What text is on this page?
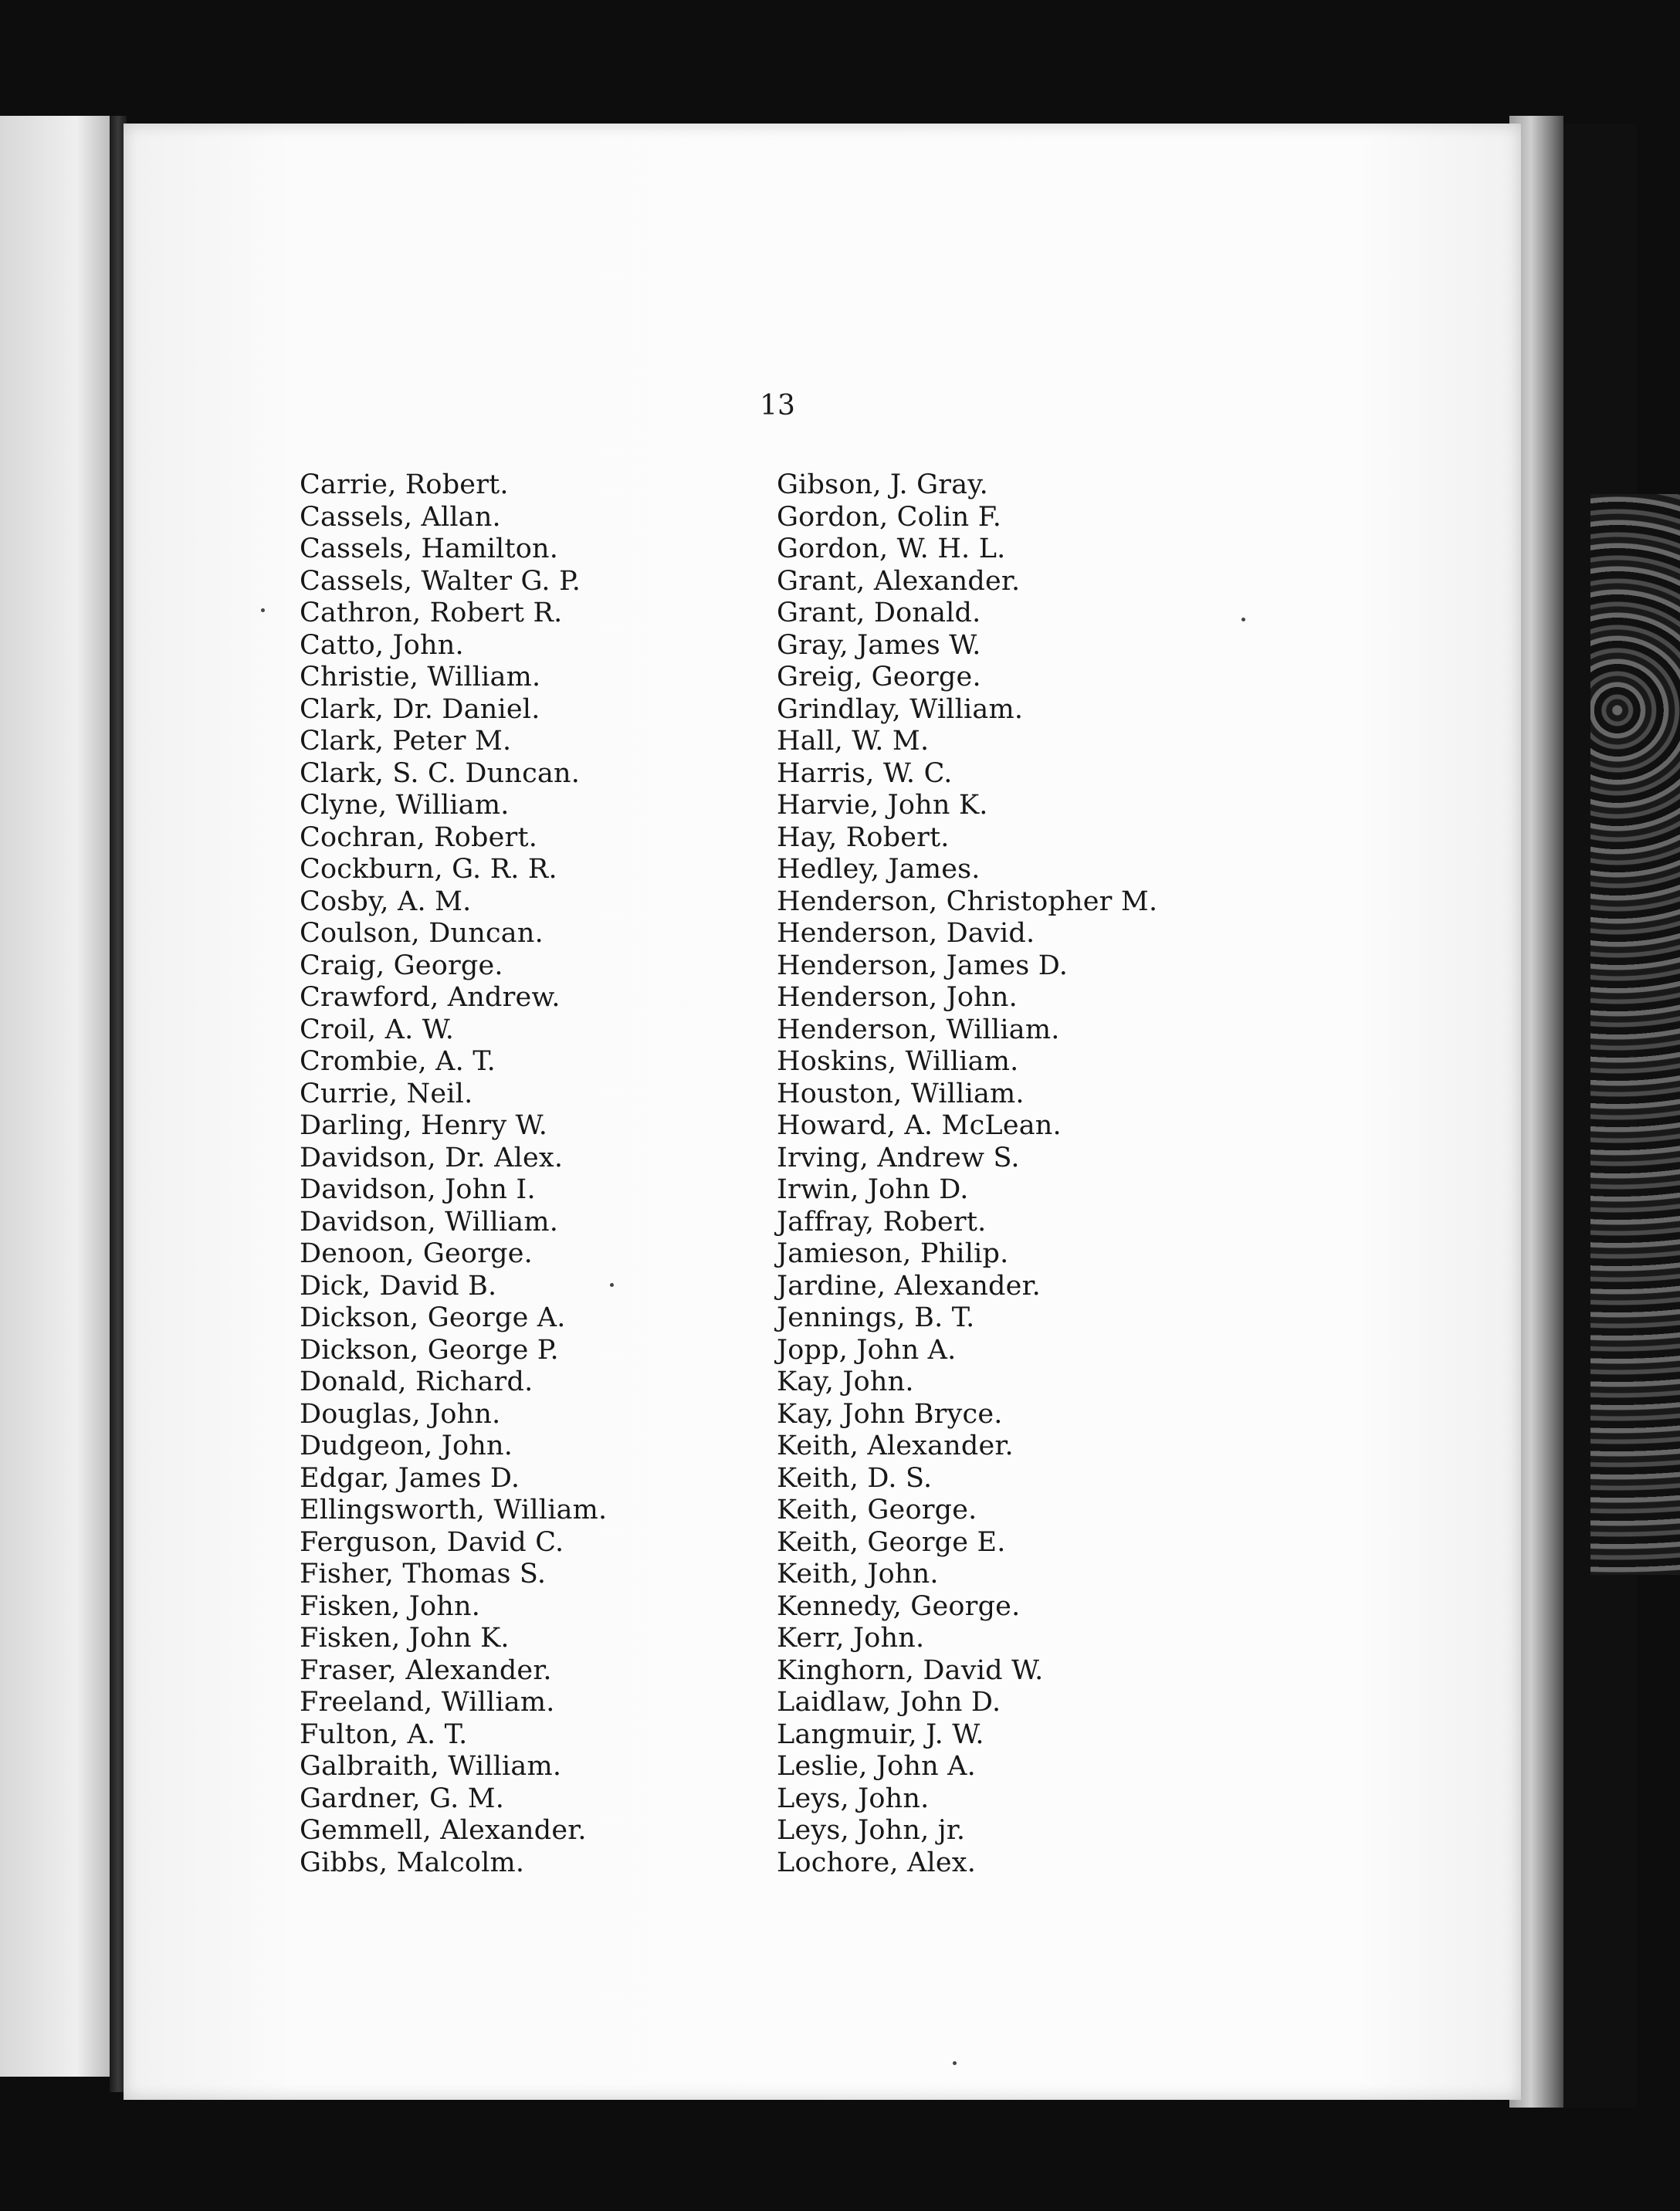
13

Carrie, Robert.
Cassels, Allan.
Cassels, Hamilton.
Cassels, Walter G. P.
Cathron, Robert R.
Catto, John.
Christie, William.
Clark, Dr. Daniel.
Clark, Peter M.
Clark, S. C. Duncan.
Clyne, William.
Cochran, Robert.
Cockburn, G. R. R.
Cosby, A. M.
Coulson, Duncan.
Craig, George.
Crawford, Andrew.
Croil, A. W.
Crombie, A. T.
Currie, Neil.
Darling, Henry W.
Davidson, Dr. Alex.
Davidson, John I.
Davidson, William.
Denoon, George.
Dick, David B.
Dickson, George A.
Dickson, George P.
Donald, Richard.
Douglas, John.
Dudgeon, John.
Edgar, James D.
Ellingsworth, William.
Ferguson, David C.
Fisher, Thomas S.
Fisken, John.
Fisken, John K.
Fraser, Alexander.
Freeland, William.
Fulton, A. T.
Galbraith, William.
Gardner, G. M.
Gemmell, Alexander.
Gibbs, Malcolm.
Gibson, J. Gray.
Gordon, Colin F.
Gordon, W. H. L.
Grant, Alexander.
Grant, Donald.
Gray, James W.
Greig, George.
Grindlay, William.
Hall, W. M.
Harris, W. C.
Harvie, John K.
Hay, Robert.
Hedley, James.
Henderson, Christopher M.
Henderson, David.
Henderson, James D.
Henderson, John.
Henderson, William.
Hoskins, William.
Houston, William.
Howard, A. McLean.
Irving, Andrew S.
Irwin, John D.
Jaffray, Robert.
Jamieson, Philip.
Jardine, Alexander.
Jennings, B. T.
Jopp, John A.
Kay, John.
Kay, John Bryce.
Keith, Alexander.
Keith, D. S.
Keith, George.
Keith, George E.
Keith, John.
Kennedy, George.
Kerr, John.
Kinghorn, David W.
Laidlaw, John D.
Langmuir, J. W.
Leslie, John A.
Leys, John.
Leys, John, jr.
Lochore, Alex.
